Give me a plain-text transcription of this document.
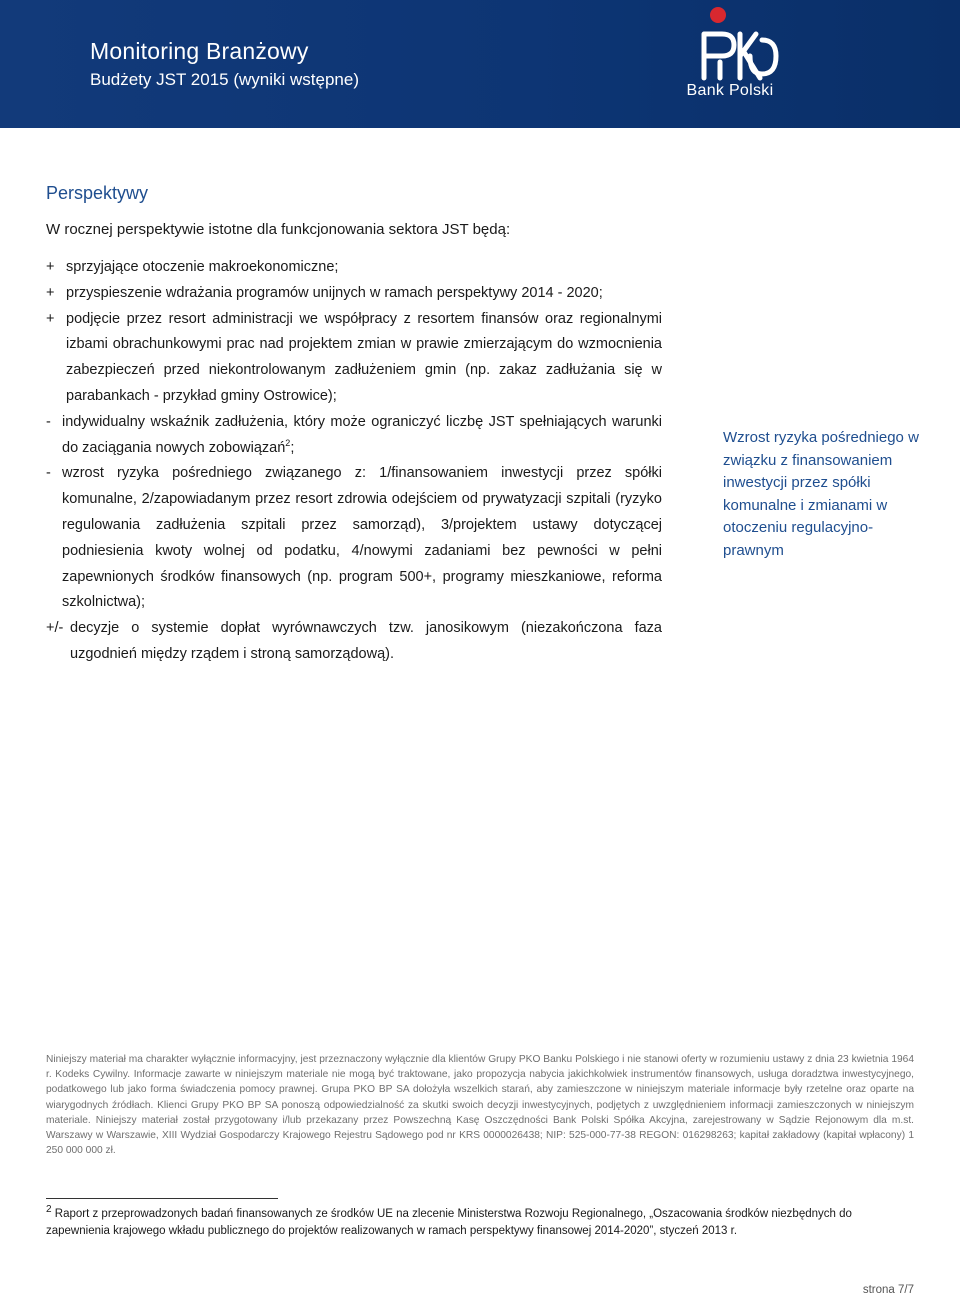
Monitoring Branżowy
Budżety JST 2015 (wyniki wstępne)
Bank Polski
Perspektywy
W rocznej perspektywie istotne dla funkcjonowania sektora JST będą:
+ sprzyjające otoczenie makroekonomiczne;

+ przyspieszenie wdrażania programów unijnych w ramach perspektywy 2014 - 2020;

+ podjęcie przez resort administracji we współpracy z resortem finansów oraz regionalnymi izbami obrachunkowymi prac nad projektem zmian w prawie zmierzającym do wzmocnienia zabezpieczeń przed niekontrolowanym zadłużeniem gmin (np. zakaz zadłużania się w parabankach - przykład gminy Ostrowice);

- indywidualny wskaźnik zadłużenia, który może ograniczyć liczbę JST spełniających warunki do zaciągania nowych zobowiązań$^2$;

- wzrost ryzyka pośredniego związanego z: 1/finansowaniem inwestycji przez spółki komunalne, 2/zapowiadanym przez resort zdrowia odejściem od prywatyzacji szpitali (ryzyko regulowania zadłużenia szpitali przez samorząd), 3/projektem ustawy dotyczącej podniesienia kwoty wolnej od podatku, 4/nowymi zadaniami bez pewności w pełni zapewnionych środków finansowych (np. program 500+, programy mieszkaniowe, reforma szkolnictwa);

+/- decyzje o systemie dopłat wyrównawczych tzw. janosikowym (niezakończona faza uzgodnień między rządem i stroną samorządową).

Wzrost ryzyka pośredniego w związku z finansowaniem inwestycji przez spółki komunalne i zmianami w otoczeniu regulacyjno-prawnym
Niniejszy materiał ma charakter wyłącznie informacyjny, jest przeznaczony wyłącznie dla klientów Grupy PKO Banku Polskiego i nie stanowi oferty w rozumieniu ustawy z dnia 23 kwietnia 1964 r. Kodeks Cywilny. Informacje zawarte w niniejszym materiale nie mogą być traktowane, jako propozycja nabycia jakichkolwiek instrumentów finansowych, usługa doradztwa inwestycyjnego, podatkowego lub jako forma świadczenia pomocy prawnej. Grupa PKO BP SA dołożyła wszelkich starań, aby zamieszczone w niniejszym materiale informacje były rzetelne oraz oparte na wiarygodnych źródłach. Klienci Grupy PKO BP SA ponoszą odpowiedzialność za skutki swoich decyzji inwestycyjnych, podjętych z uwzględnieniem informacji zamieszczonych w niniejszym materiale. Niniejszy materiał został przygotowany i/lub przekazany przez Powszechną Kasę Oszczędności Bank Polski Spółka Akcyjna, zarejestrowany w Sądzie Rejonowym dla m.st. Warszawy w Warszawie, XIII Wydział Gospodarczy Krajowego Rejestru Sądowego pod nr KRS 0000026438; NIP: 525-000-77-38 REGON: 016298263; kapitał zakładowy (kapitał wpłacony) 1 250 000 000 zł.
$^2$ Raport z przeprowadzonych badań finansowanych ze środków UE na zlecenie Ministerstwa Rozwoju Regionalnego, „Oszacowania środków niezbędnych do zapewnienia krajowego wkładu publicznego do projektów realizowanych w ramach perspektywy finansowej 2014-2020”, styczeń 2013 r.
strona 7/7
